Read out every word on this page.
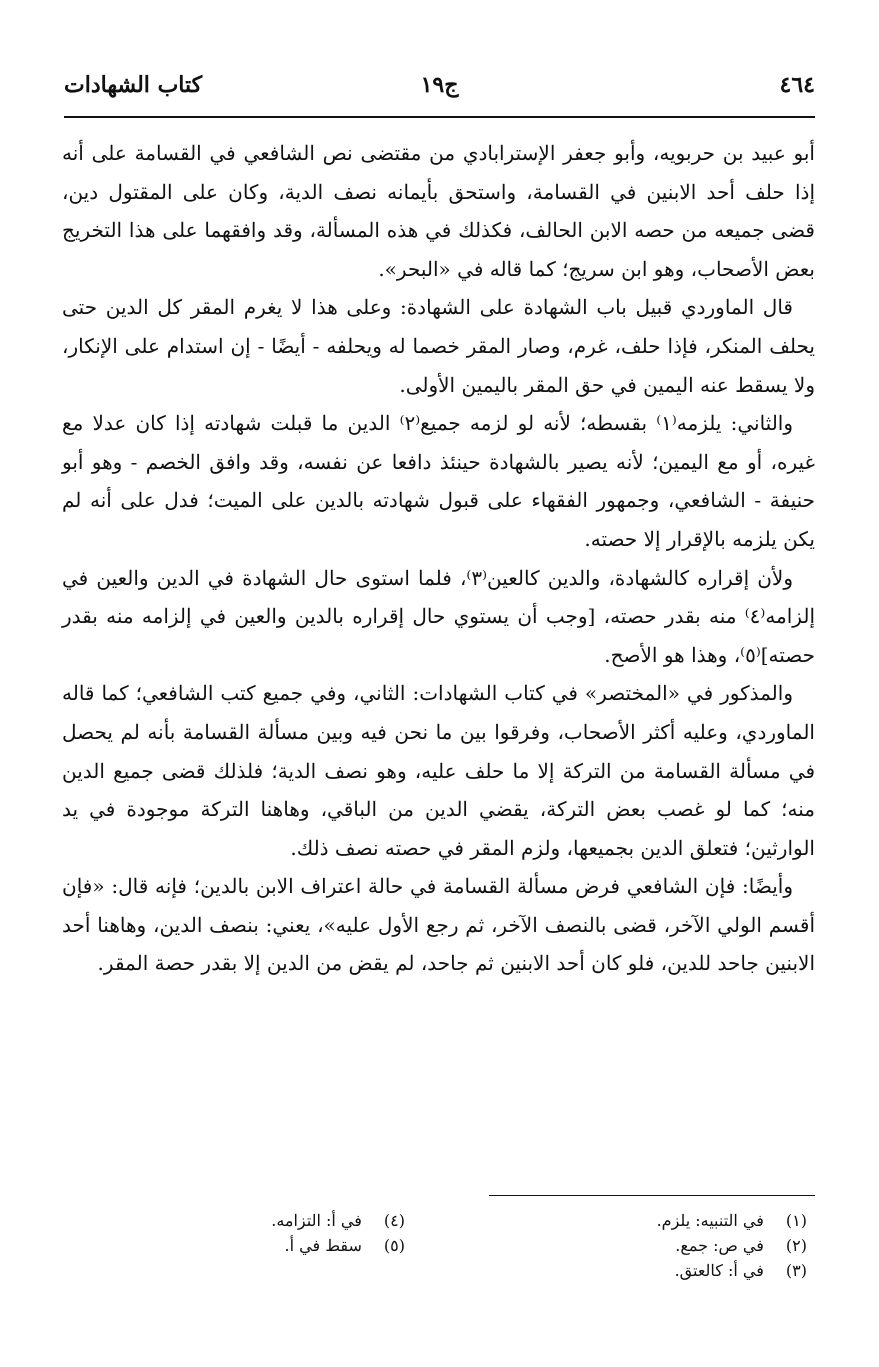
٤٦٤
ج١٩
كتاب الشهادات

أبو عبيد بن حربويه، وأبو جعفر الإسترابادي من مقتضى نص الشافعي في القسامة على أنه إذا حلف أحد الابنين في القسامة، واستحق بأيمانه نصف الدية، وكان على المقتول دين، قضى جميعه من حصه الابن الحالف، فكذلك في هذه المسألة، وقد وافقهما على هذا التخريج بعض الأصحاب، وهو ابن سريج؛ كما قاله في «البحر».

قال الماوردي قبيل باب الشهادة على الشهادة: وعلى هذا لا يغرم المقر كل الدين حتى يحلف المنكر، فإذا حلف، غرم، وصار المقر خصما له ويحلفه - أيضًا - إن استدام على الإنكار، ولا يسقط عنه اليمين في حق المقر باليمين الأولى.

والثاني: يلزمه⁽١⁾ بقسطه؛ لأنه لو لزمه جميع⁽٢⁾ الدين ما قبلت شهادته إذا كان عدلا مع غيره، أو مع اليمين؛ لأنه يصير بالشهادة حينئذ دافعا عن نفسه، وقد وافق الخصم - وهو أبو حنيفة - الشافعي، وجمهور الفقهاء على قبول شهادته بالدين على الميت؛ فدل على أنه لم يكن يلزمه بالإقرار إلا حصته.

ولأن إقراره كالشهادة، والدين كالعين⁽٣⁾، فلما استوى حال الشهادة في الدين والعين في إلزامه⁽٤⁾ منه بقدر حصته، [وجب أن يستوي حال إقراره بالدين والعين في إلزامه منه بقدر حصته]⁽٥⁾، وهذا هو الأصح.

والمذكور في «المختصر» في كتاب الشهادات: الثاني، وفي جميع كتب الشافعي؛ كما قاله الماوردي، وعليه أكثر الأصحاب، وفرقوا بين ما نحن فيه وبين مسألة القسامة بأنه لم يحصل في مسألة القسامة من التركة إلا ما حلف عليه، وهو نصف الدية؛ فلذلك قضى جميع الدين منه؛ كما لو غصب بعض التركة، يقضي الدين من الباقي، وهاهنا التركة موجودة في يد الوارثين؛ فتعلق الدين بجميعها، ولزم المقر في حصته نصف ذلك.

وأيضًا: فإن الشافعي فرض مسألة القسامة في حالة اعتراف الابن بالدين؛ فإنه قال: «فإن أقسم الولي الآخر، قضى بالنصف الآخر، ثم رجع الأول عليه»، يعني: بنصف الدين، وهاهنا أحد الابنين جاحد للدين، فلو كان أحد الابنين ثم جاحد، لم يقض من الدين إلا بقدر حصة المقر.

(١) في التنبيه: يلزم.
(٢) في ص: جمع.
(٣) في أ: كالعتق.
(٤) في أ: التزامه.
(٥) سقط في أ.
